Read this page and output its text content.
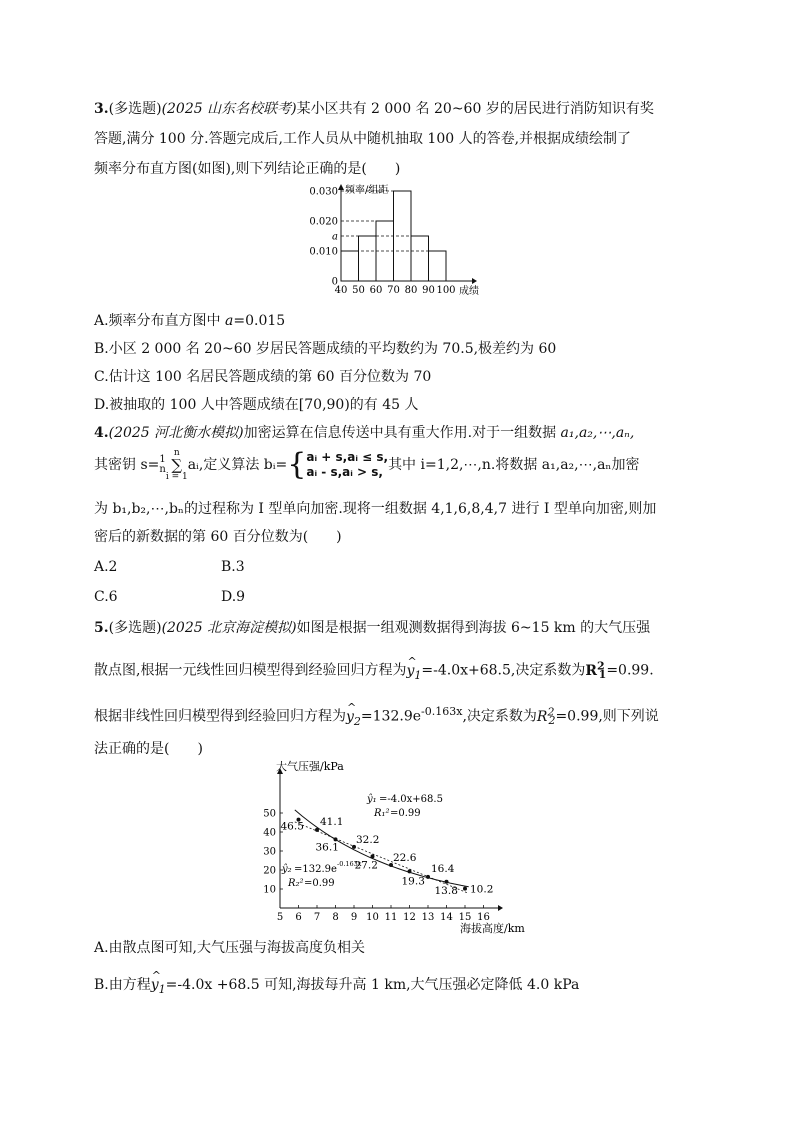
3.(多选题)(2025 山东名校联考)某小区共有 2 000 名 20~60 岁的居民进行消防知识有奖
答题,满分 100 分.答题完成后,工作人员从中随机抽取 100 人的答卷,并根据成绩绘制了
频率分布直方图(如图),则下列结论正确的是(　　)
0
0.010
a
0.020
0.030
40 50 60 70 80 90 100 成绩
频率/组距
A.频率分布直方图中 a=0.015
B.小区 2 000 名 20~60 岁居民答题成绩的平均数约为 70.5,极差约为 60
C.估计这 100 名居民答题成绩的第 60 百分位数为 70
D.被抽取的 100 人中答题成绩在[70,90)的有 45 人
4.(2025 河北衡水模拟)加密运算在信息传送中具有重大作用.对于一组数据 a₁,a₂,⋯,aₙ,
其密钥 s=1
nn
∑
i = 1aᵢ,定义算法 bᵢ={aᵢ + s,aᵢ ≤ s,
aᵢ - s,aᵢ > s, 其中 i=1,2,⋯,n.将数据 a₁,a₂,⋯,aₙ加密
为 b₁,b₂,⋯,bₙ的过程称为 I 型单向加密.现将一组数据 4,1,6,8,4,7 进行 I 型单向加密,则加
密后的新数据的第 60 百分位数为(　　)
A.2	B.3
C.6	D.9
5.(多选题)(2025 北京海淀模拟)如图是根据一组观测数据得到海拔 6~15 km 的大气压强
散点图,根据一元线性回归模型得到经验回归方程为^ $y_1=-4.0x+68.5$,决定系数为$R^2_1=0.99$.
根据非线性回归模型得到经验回归方程为^ $y_2=132.9e^{-0.163x}$,决定系数为$R^2_2=0.99$,则下列说
法正确的是(　　)
5 6 7 8 9 10 11 12 13 14 15 16
10
20
30
40
50
海拔高度/km
大气压强/kPa
46.5 41.1
36.1
32.2
27.2
22.6
19.3
16.4
13.8 10.2
ŷ₁ =-4.0x+68.5
R₁² =0.99
ŷ₂ =132.9e -0.163x
R₂² =0.99
A.由散点图可知,大气压强与海拔高度负相关
B.由方程^ $y_1=-4.0x +68.5$ 可知,海拔每升高 1 km,大气压强必定降低 4.0 kPa
